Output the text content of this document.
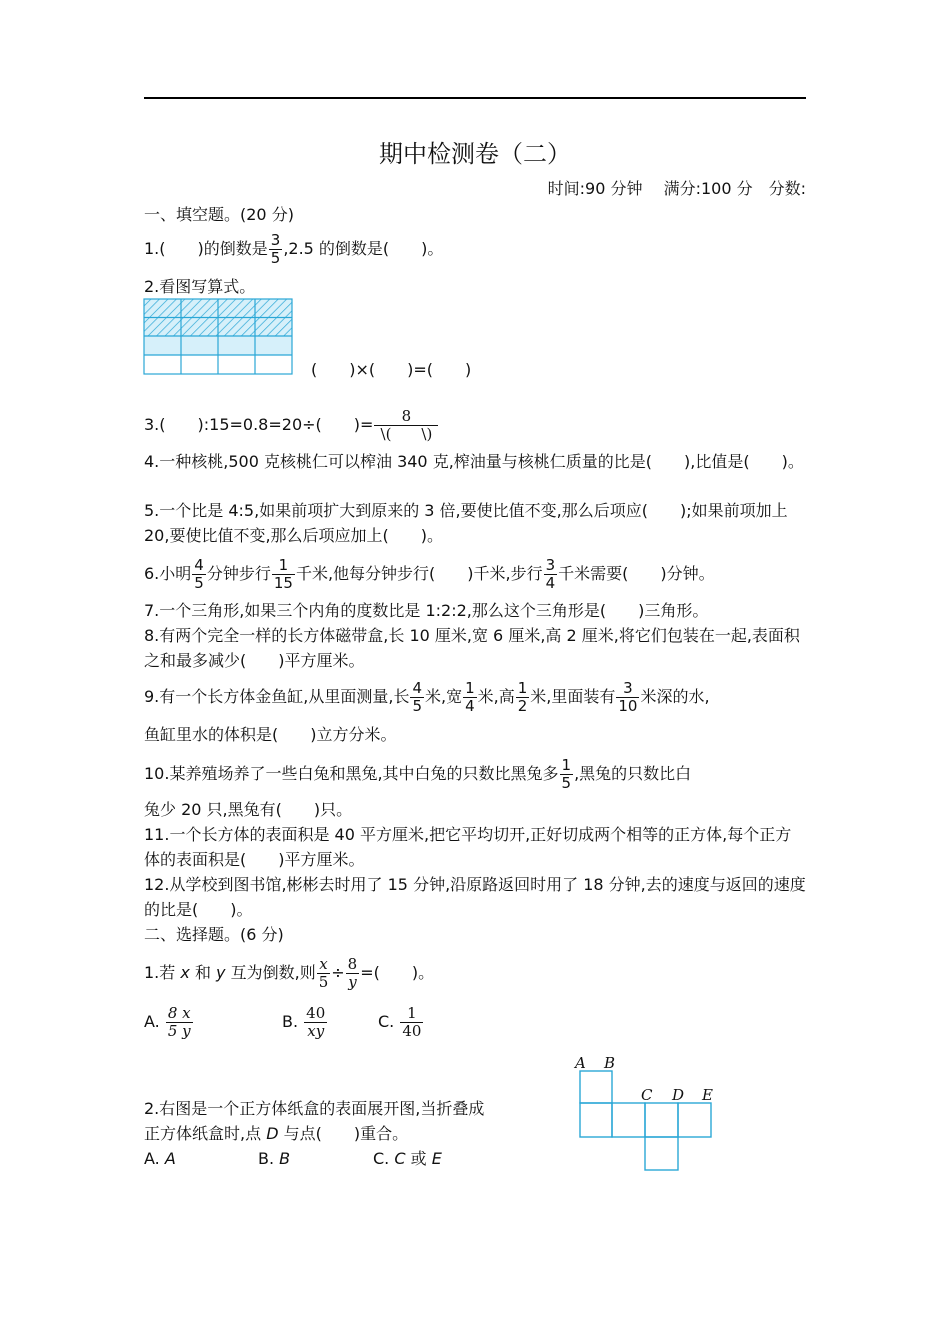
期中检测卷（二）
时间:90 分钟　 满分:100 分　分数:
一、填空题。(20 分)
1.(　　)的倒数是 $\frac{3}{5} ,2.5$ 的倒数是(　　)。
2.看图写算式。
(　　)×(　　)=(　　)
3.(　　):15=0.8=20÷(　　)= $\frac{8}{\backslash( \backslash)}$
4.一种核桃,500 克核桃仁可以榨油 340 克,榨油量与核桃仁质量的比是(　　),比值是(　　)。
5.一个比是 4:5,如果前项扩大到原来的 3 倍,要使比值不变,那么后项应(　　);如果前项加上 20,要使比值不变,那么后项应加上(　　)。
6.小明 $\frac{4}{5}$ 分钟步行 $\frac{1}{15}$ 千米,他每分钟步行(　　)千米,步行 $\frac{3}{4}$ 千米需要(　　)分钟。
7.一个三角形,如果三个内角的度数比是 1:2:2,那么这个三角形是(　　)三角形。
8.有两个完全一样的长方体磁带盒,长 10 厘米,宽 6 厘米,高 2 厘米,将它们包装在一起,表面积之和最多减少(　　)平方厘米。
9.有一个长方体金鱼缸,从里面测量,长 $\frac{4}{5}$ 米,宽 $\frac{1}{4}$ 米,高 $\frac{1}{2}$ 米,里面装有 $\frac{3}{10}$ 米深的水,
鱼缸里水的体积是(　　)立方分米。
10.某养殖场养了一些白兔和黑兔,其中白兔的只数比黑兔多 $\frac{1}{5}$ ,黑兔的只数比白
兔少 20 只,黑兔有(　　)只。
11.一个长方体的表面积是 40 平方厘米,把它平均切开,正好切成两个相等的正方体,每个正方体的表面积是(　　)平方厘米。
12.从学校到图书馆,彬彬去时用了 15 分钟,沿原路返回时用了 18 分钟,去的速度与返回的速度的比是(　　)。
二、选择题。(6 分)
1.若 x 和 y 互为倒数,则 $\frac{x}{5} \div \frac{8}{y}$ =(　　)。
A. $\frac{8 x}{5 y}$	B. $\frac{40}{xy}$	C. $\frac{1}{40}$
2.右图是一个正方体纸盒的表面展开图,当折叠成
正方体纸盒时,点 D 与点(　　)重合。
A. A	B. B	C. C 或 E
A B
C D E
